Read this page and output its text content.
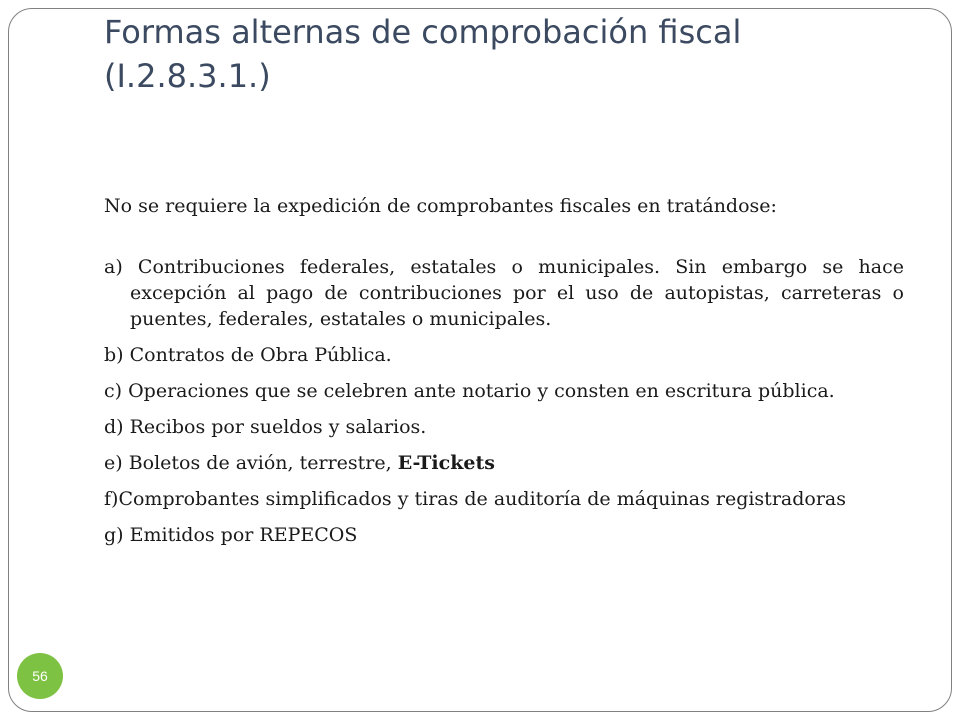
Formas alternas de comprobación fiscal
(I.2.8.3.1.)

No se requiere la expedición de comprobantes fiscales en tratándose:

a) Contribuciones federales, estatales o municipales. Sin embargo se hace excepción al pago de contribuciones por el uso de autopistas, carreteras o puentes, federales, estatales o municipales.

b) Contratos de Obra Pública.

c) Operaciones que se celebren ante notario y consten en escritura pública.

d) Recibos por sueldos y salarios.

e) Boletos de avión, terrestre, E-Tickets

f)Comprobantes simplificados y tiras de auditoría de máquinas registradoras

g) Emitidos por REPECOS

56
